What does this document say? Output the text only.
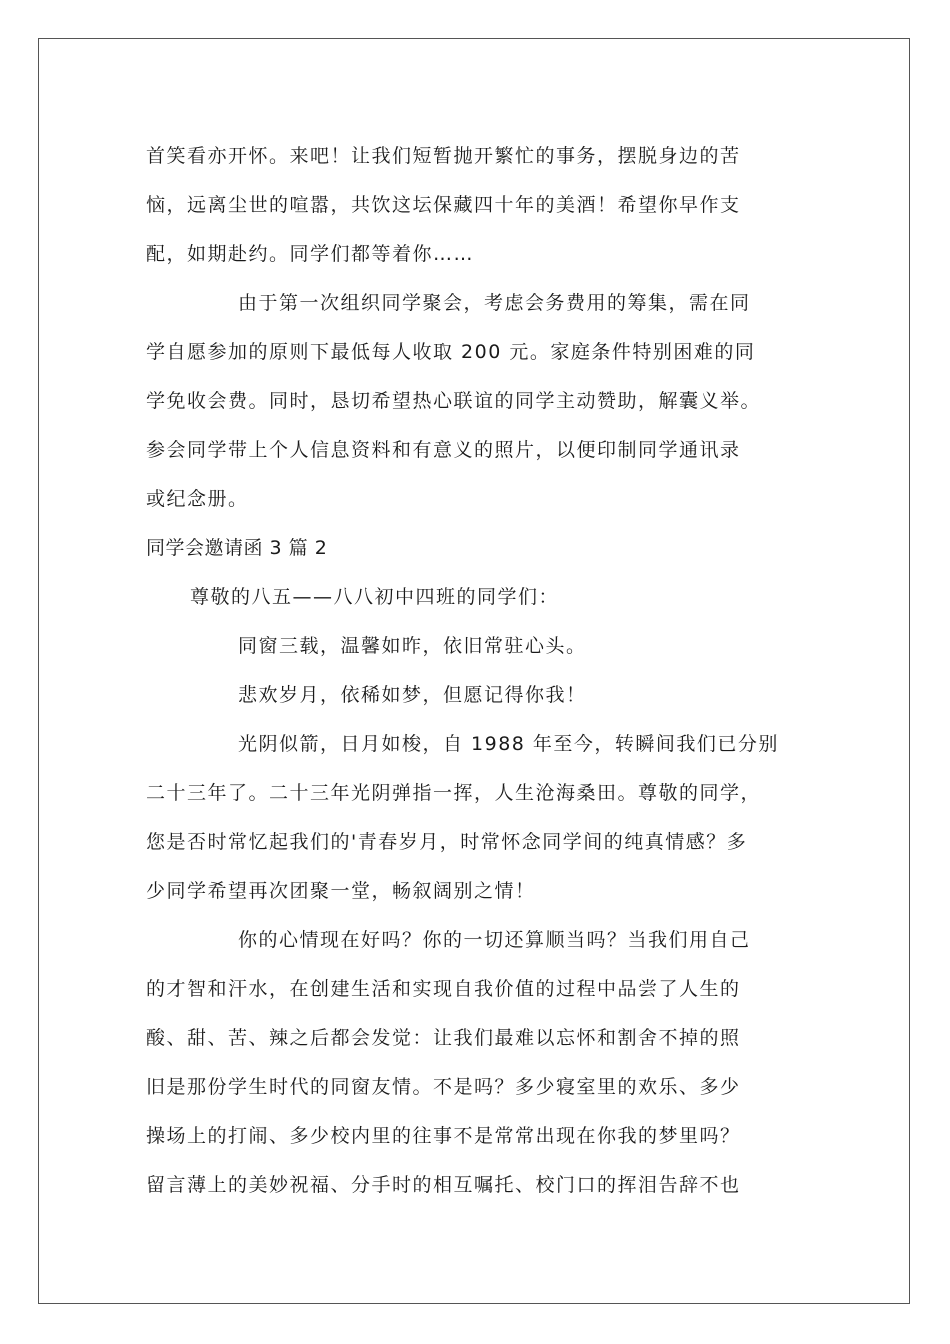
首笑看亦开怀。来吧！让我们短暂抛开繁忙的事务，摆脱身边的苦
恼，远离尘世的喧嚣，共饮这坛保藏四十年的美酒！希望你早作支
配，如期赴约。同学们都等着你……
由于第一次组织同学聚会，考虑会务费用的筹集，需在同
学自愿参加的原则下最低每人收取 200 元。家庭条件特别困难的同
学免收会费。同时，恳切希望热心联谊的同学主动赞助，解囊义举。
参会同学带上个人信息资料和有意义的照片，以便印制同学通讯录
或纪念册。
同学会邀请函 3 篇 2
尊敬的八五——八八初中四班的同学们：
同窗三载，温馨如昨，依旧常驻心头。
悲欢岁月，依稀如梦，但愿记得你我！
光阴似箭，日月如梭，自 1988 年至今，转瞬间我们已分别
二十三年了。二十三年光阴弹指一挥，人生沧海桑田。尊敬的同学，
您是否时常忆起我们的'青春岁月，时常怀念同学间的纯真情感？多
少同学希望再次团聚一堂，畅叙阔别之情！
你的心情现在好吗？你的一切还算顺当吗？当我们用自己
的才智和汗水，在创建生活和实现自我价值的过程中品尝了人生的
酸、甜、苦、辣之后都会发觉：让我们最难以忘怀和割舍不掉的照
旧是那份学生时代的同窗友情。不是吗？多少寝室里的欢乐、多少
操场上的打闹、多少校内里的往事不是常常出现在你我的梦里吗？
留言薄上的美妙祝福、分手时的相互嘱托、校门口的挥泪告辞不也
